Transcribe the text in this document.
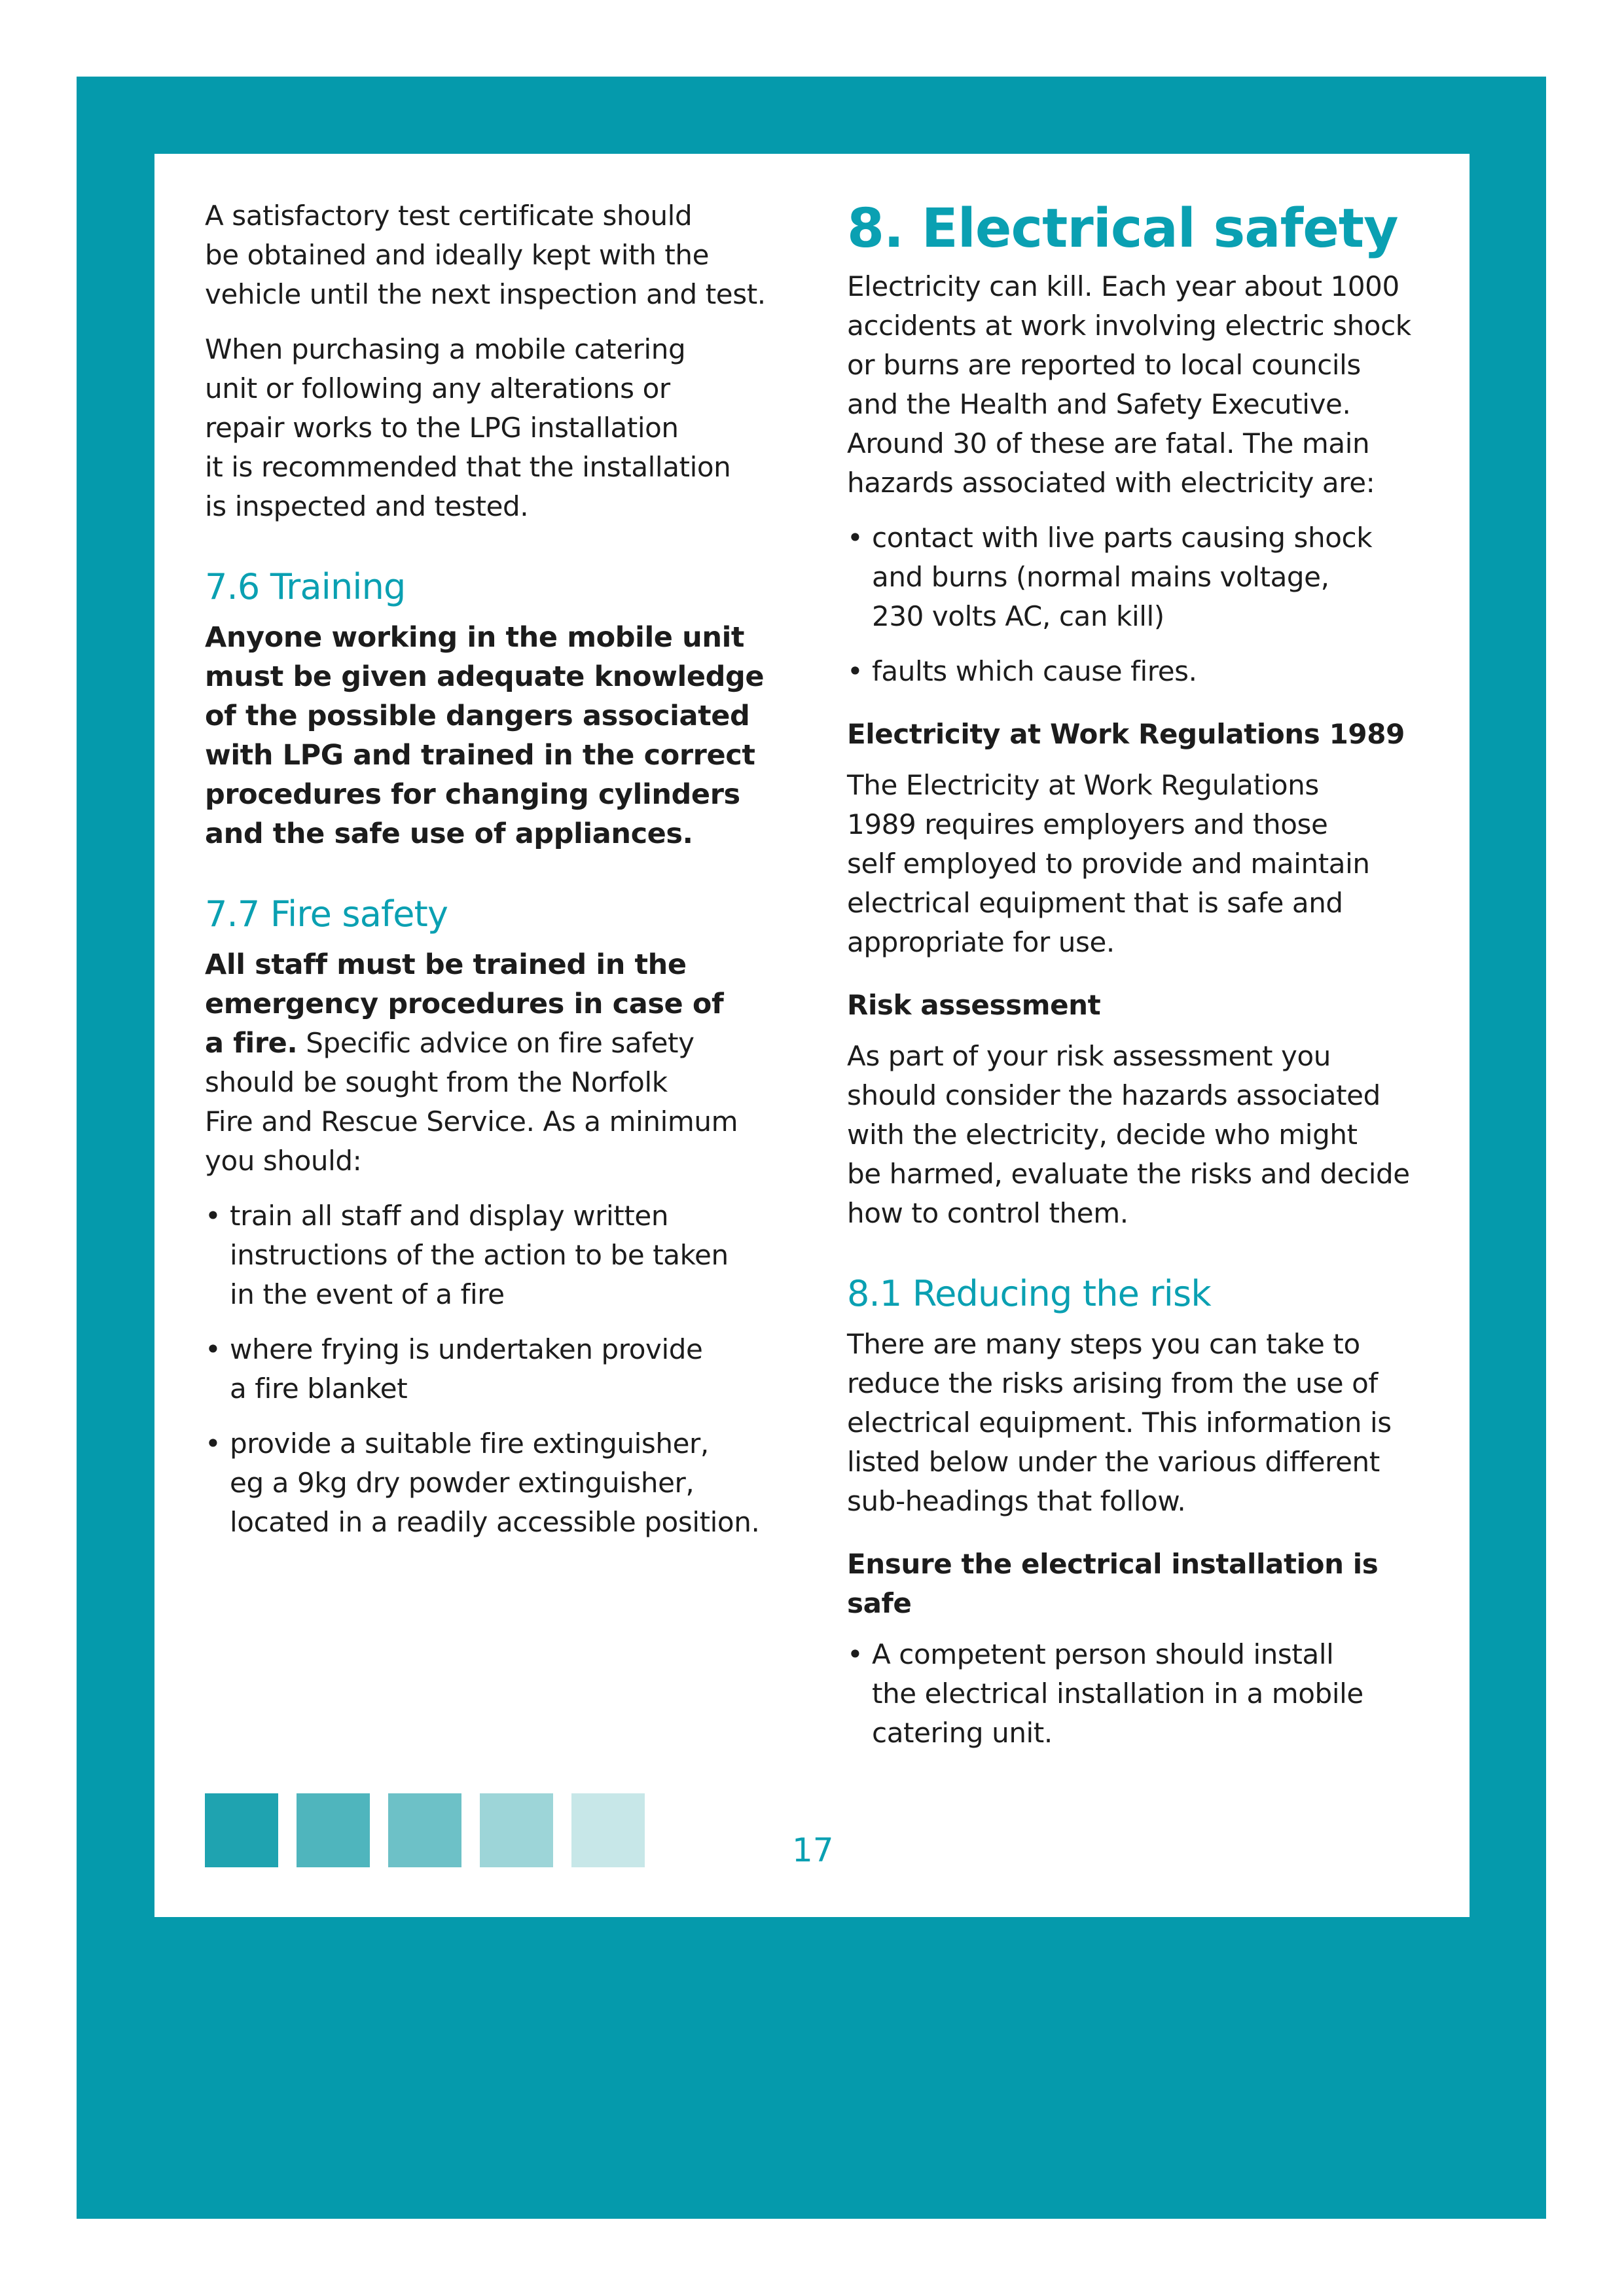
A satisfactory test certificate should
be obtained and ideally kept with the
vehicle until the next inspection and test.

When purchasing a mobile catering
unit or following any alterations or
repair works to the LPG installation
it is recommended that the installation
is inspected and tested.

7.6 Training

Anyone working in the mobile unit
must be given adequate knowledge
of the possible dangers associated
with LPG and trained in the correct
procedures for changing cylinders
and the safe use of appliances.

7.7 Fire safety

All staff must be trained in the
emergency procedures in case of
a fire. Specific advice on fire safety
should be sought from the Norfolk
Fire and Rescue Service. As a minimum
you should:

• train all staff and display written
instructions of the action to be taken
in the event of a fire
• where frying is undertaken provide
a fire blanket
• provide a suitable fire extinguisher,
eg a 9kg dry powder extinguisher,
located in a readily accessible position.
8. Electrical safety

Electricity can kill. Each year about 1000
accidents at work involving electric shock
or burns are reported to local councils
and the Health and Safety Executive.
Around 30 of these are fatal. The main
hazards associated with electricity are:

• contact with live parts causing shock
and burns (normal mains voltage,
230 volts AC, can kill)
• faults which cause fires.
Electricity at Work Regulations 1989

The Electricity at Work Regulations
1989 requires employers and those
self employed to provide and maintain
electrical equipment that is safe and
appropriate for use.

Risk assessment

As part of your risk assessment you
should consider the hazards associated
with the electricity, decide who might
be harmed, evaluate the risks and decide
how to control them.

8.1 Reducing the risk

There are many steps you can take to
reduce the risks arising from the use of
electrical equipment. This information is
listed below under the various different
sub-headings that follow.

Ensure the electrical installation is safe
• A competent person should install
the electrical installation in a mobile
catering unit.
17
